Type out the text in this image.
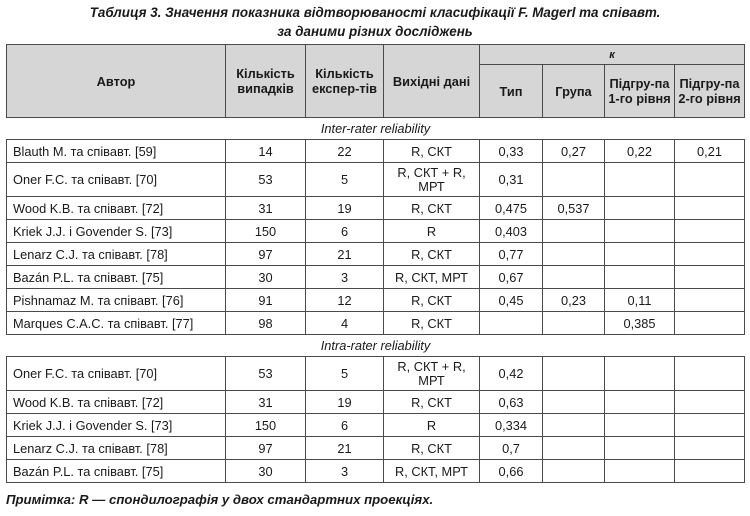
Таблиця 3. Значення показника відтворюваності класифікації F. Magerl та співавт.
за даними різних досліджень
Автор	Кількість випадків	Кількість експер-тів	Вихідні дані	к			
				Тип	Група	Підгру-па 1-го рівня	Підгру-па 2-го рівня
Inter-rater reliability							
Blauth M. та співавт. [59]	14	22	R, СКТ	0,33	0,27	0,22	0,21
Oner F.C. та співавт. [70]	53	5	R, СКТ + R, МРТ	0,31			
Wood K.B. та співавт. [72]	31	19	R, СКТ	0,475	0,537		
Kriek J.J. і Govender S. [73]	150	6	R	0,403			
Lenarz C.J. та співавт. [78]	97	21	R, СКТ	0,77			
Bazán P.L. та співавт. [75]	30	3	R, СКТ, МРТ	0,67			
Pishnamaz M. та співавт. [76]	91	12	R, СКТ	0,45	0,23	0,11	
Marques C.A.C. та співавт. [77]	98	4	R, СКТ			0,385	
Intra-rater reliability							
Oner F.C. та співавт. [70]	53	5	R, СКТ + R, МРТ	0,42			
Wood K.B. та співавт. [72]	31	19	R, СКТ	0,63			
Kriek J.J. і Govender S. [73]	150	6	R	0,334			
Lenarz C.J. та співавт. [78]	97	21	R, СКТ	0,7			
Bazán P.L. та співавт. [75]	30	3	R, СКТ, МРТ	0,66			
Примітка: R — спондилографія у двох стандартних проекціях.
